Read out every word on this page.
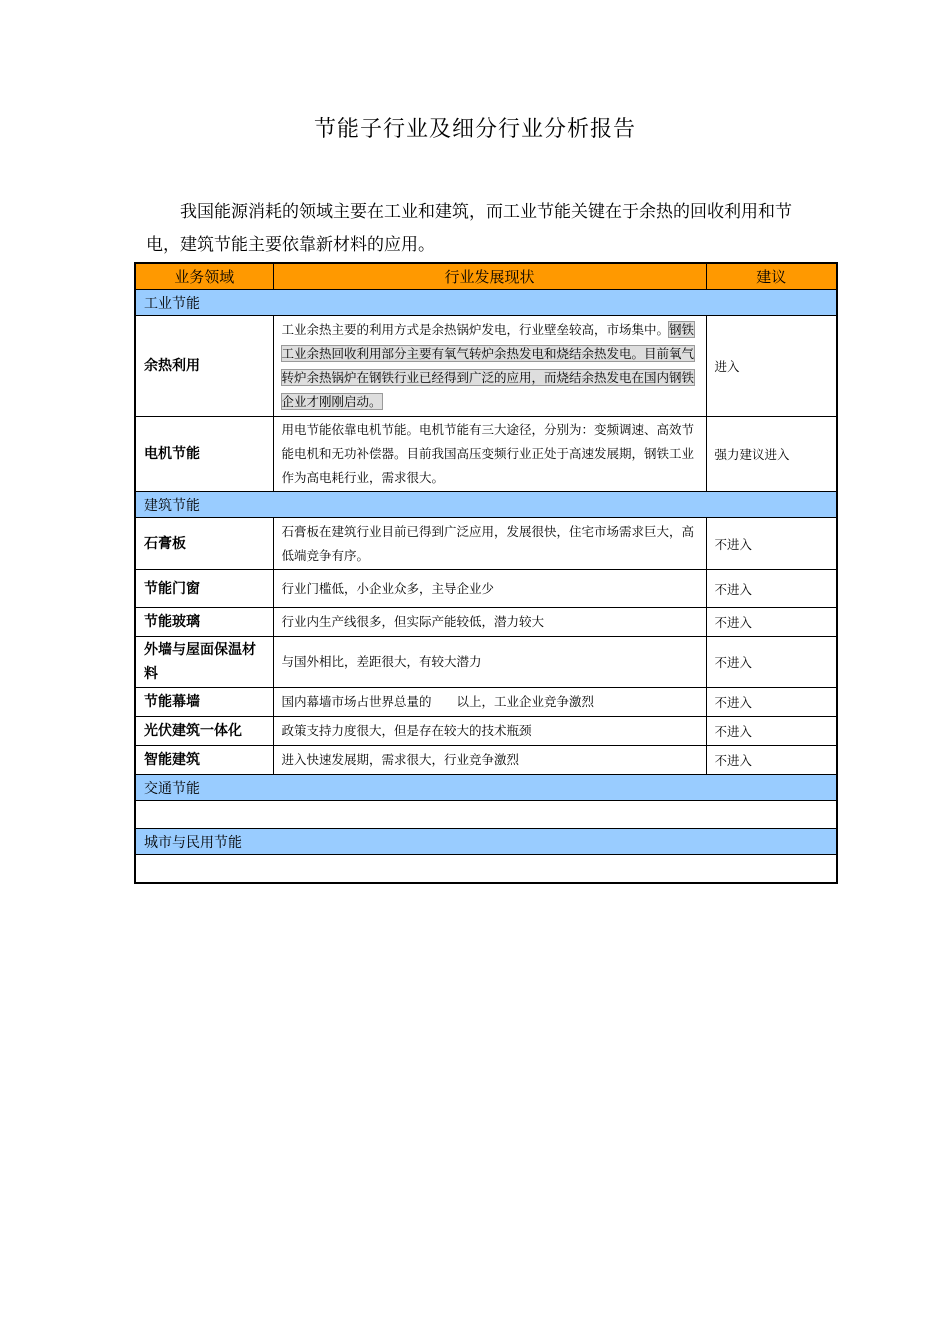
节能子行业及细分行业分析报告
我国能源消耗的领域主要在工业和建筑，而工业节能关键在于余热的回收利用和节电，建筑节能主要依靠新材料的应用。
业务领域	行业发展现状	建议
工业节能		
余热利用	工业余热主要的利用方式是余热锅炉发电，行业壁垒较高，市场集中。钢铁工业余热回收利用部分主要有氧气转炉余热发电和烧结余热发电。目前氧气转炉余热锅炉在钢铁行业已经得到广泛的应用，而烧结余热发电在国内钢铁企业才刚刚启动。	进入
电机节能	用电节能依靠电机节能。电机节能有三大途径，分别为：变频调速、高效节能电机和无功补偿器。目前我国高压变频行业正处于高速发展期，钢铁工业作为高电耗行业，需求很大。	强力建议进入
建筑节能		
石膏板	石膏板在建筑行业目前已得到广泛应用，发展很快，住宅市场需求巨大，高低端竞争有序。	不进入
节能门窗	行业门槛低，小企业众多，主导企业少	不进入
节能玻璃	行业内生产线很多，但实际产能较低，潜力较大	不进入
外墙与屋面保温材料	与国外相比，差距很大，有较大潜力	不进入
节能幕墙	国内幕墙市场占世界总量的　　以上，工业企业竞争激烈	不进入
光伏建筑一体化	政策支持力度很大，但是存在较大的技术瓶颈	不进入
智能建筑	进入快速发展期，需求很大，行业竞争激烈	不进入
交通节能		

城市与民用节能		
